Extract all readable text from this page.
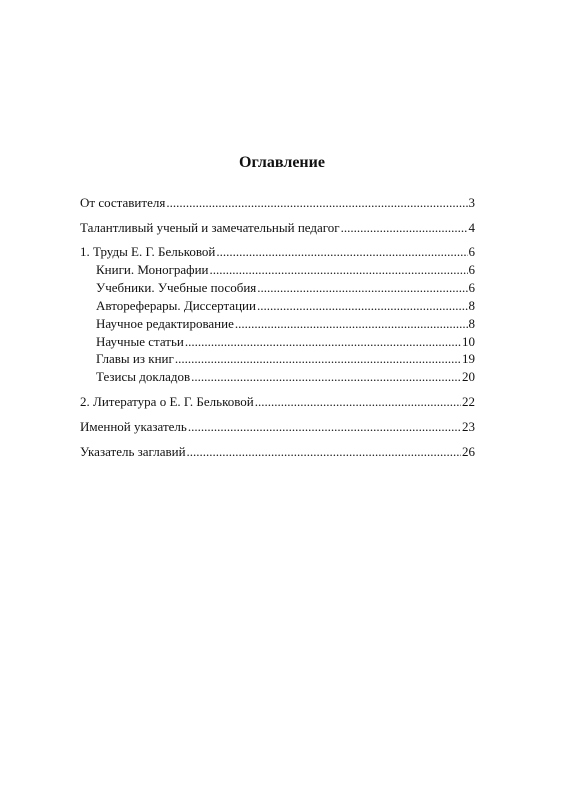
Оглавление
От составителя .....	3
Талантливый ученый и замечательный педагог .....	4
1. Труды Е. Г. Бельковой .....	6
Книги. Монографии .....	6
Учебники. Учебные пособия .....	6
Автореферары. Диссертации .....	8
Научное редактирование .....	8
Научные статьи .....	10
Главы из книг .....	19
Тезисы докладов .....	20
2. Литература о Е. Г. Бельковой .....	22
Именной указатель .....	23
Указатель заглавий .....	26
